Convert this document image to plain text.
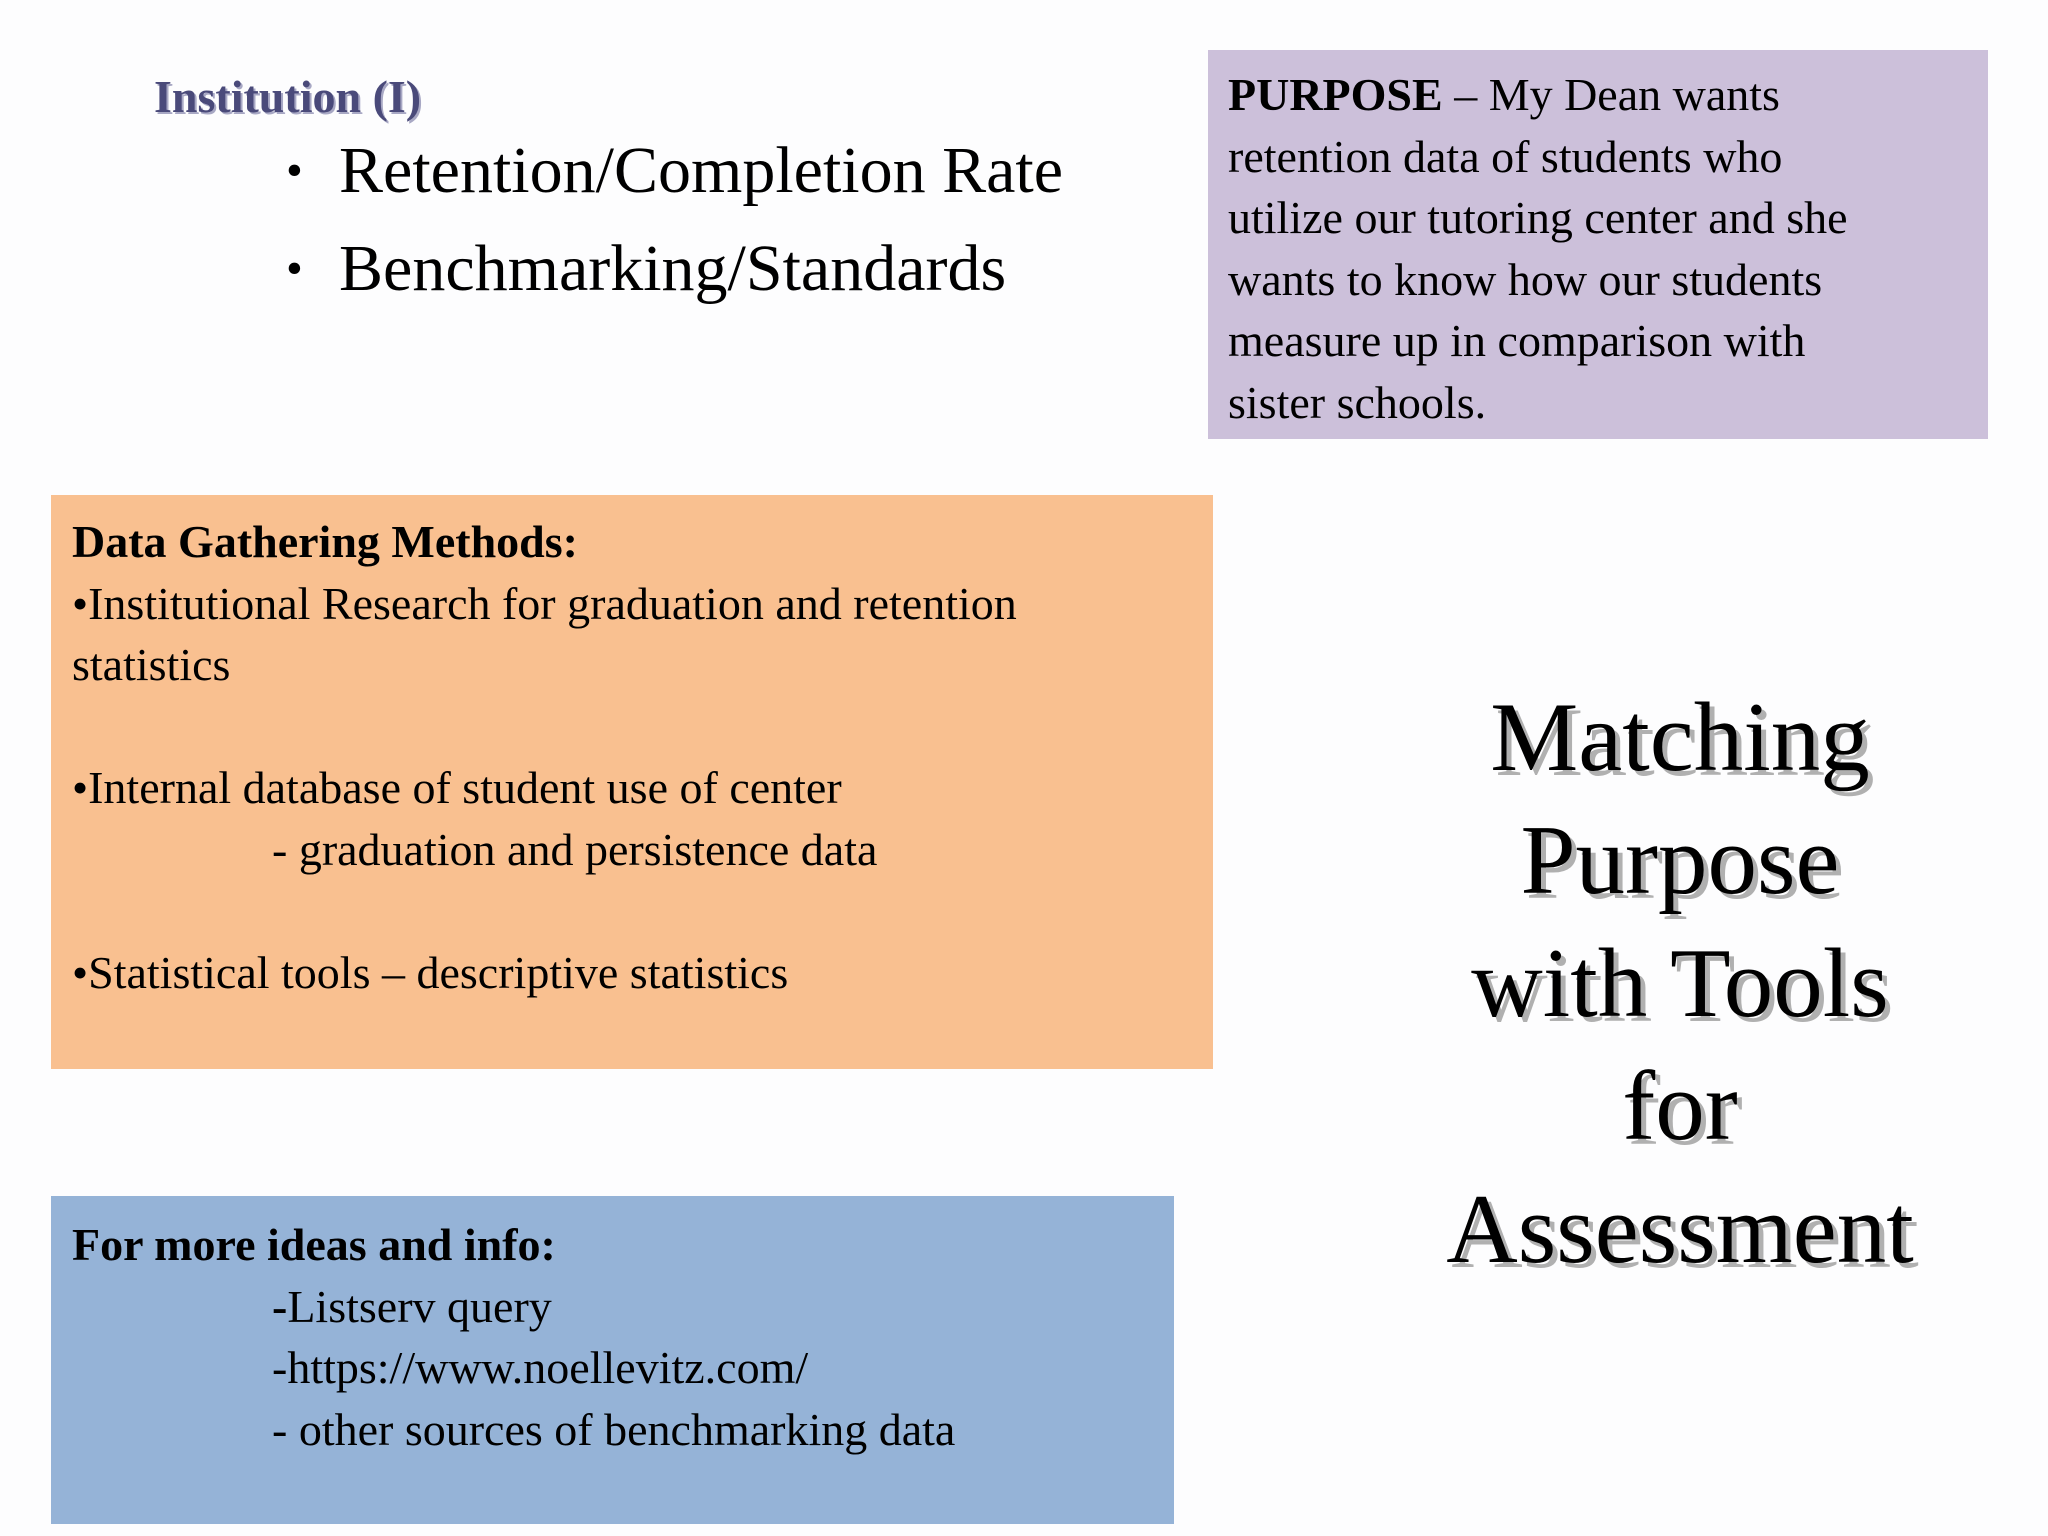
Institution (I)
• Retention/Completion Rate
• Benchmarking/Standards
PURPOSE – My Dean wants
retention data of students who
utilize our tutoring center and she
wants to know how our students
measure up in comparison with
sister schools.
Data Gathering Methods:
•Institutional Research for graduation and retention
statistics
•Internal database of student use of center
- graduation and persistence data
•Statistical tools – descriptive statistics
For more ideas and info:
-Listserv query
-https://www.noellevitz.com/
- other sources of benchmarking data
Matching
Purpose
with Tools
for
Assessment
